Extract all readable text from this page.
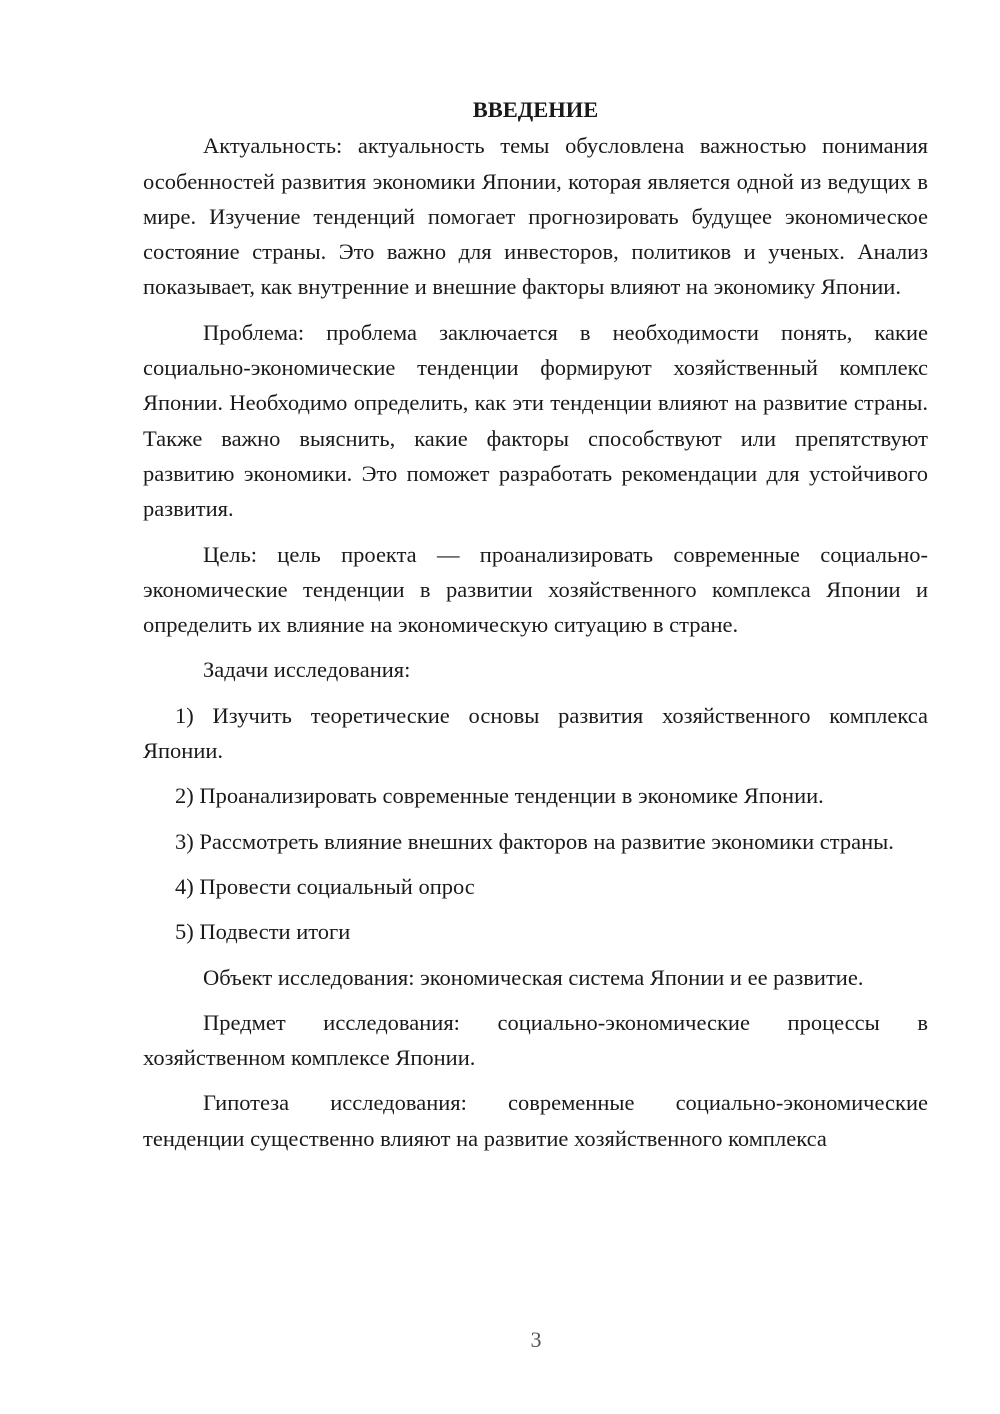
ВВЕДЕНИЕ

Актуальность: актуальность темы обусловлена важностью понимания особенностей развития экономики Японии, которая является одной из ведущих в мире. Изучение тенденций помогает прогнозировать будущее экономическое состояние страны. Это важно для инвесторов, политиков и ученых. Анализ показывает, как внутренние и внешние факторы влияют на экономику Японии.

Проблема: проблема заключается в необходимости понять, какие социально-экономические тенденции формируют хозяйственный комплекс Японии. Необходимо определить, как эти тенденции влияют на развитие страны. Также важно выяснить, какие факторы способствуют или препятствуют развитию экономики. Это поможет разработать рекомендации для устойчивого развития.

Цель: цель проекта — проанализировать современные социально-экономические тенденции в развитии хозяйственного комплекса Японии и определить их влияние на экономическую ситуацию в стране.

Задачи исследования:

1) Изучить теоретические основы развития хозяйственного комплекса Японии.

2) Проанализировать современные тенденции в экономике Японии.

3) Рассмотреть влияние внешних факторов на развитие экономики страны.

4) Провести социальный опрос

5) Подвести итоги

Объект исследования: экономическая система Японии и ее развитие.

Предмет исследования: социально-экономические процессы в хозяйственном комплексе Японии.

Гипотеза исследования: современные социально-экономические тенденции существенно влияют на развитие хозяйственного комплекса

3
